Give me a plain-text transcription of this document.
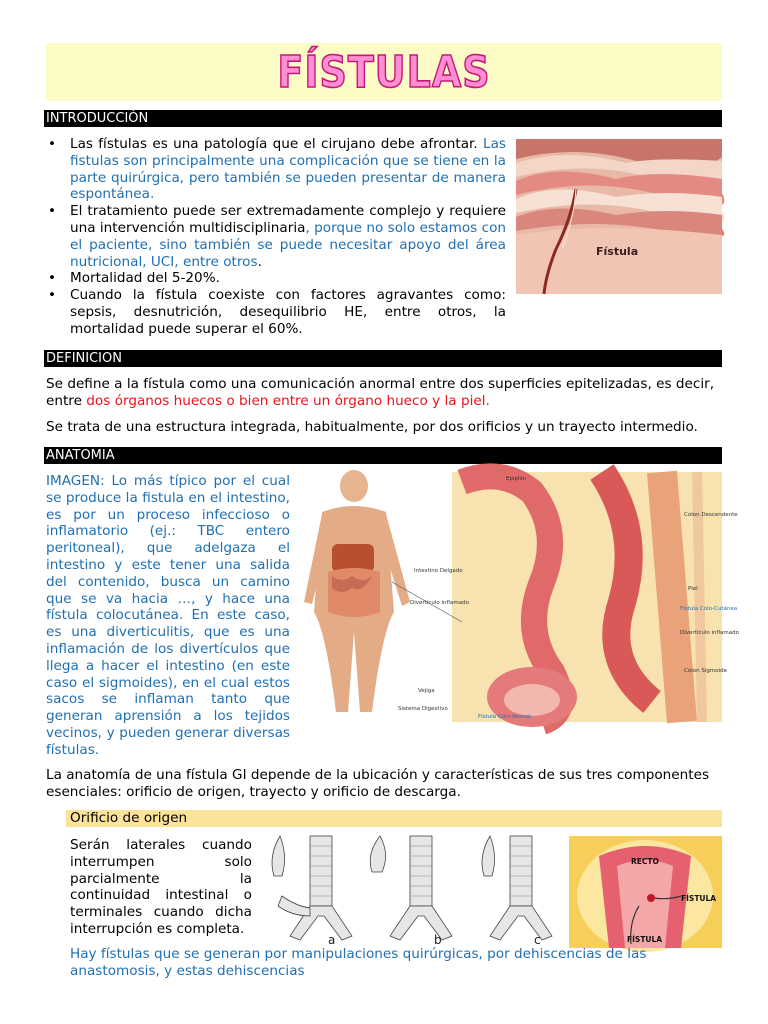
FÍSTULAS
INTRODUCCIÓN
• Las fístulas es una patología que el cirujano debe afrontar. Las fistulas son principalmente una complicación que se tiene en la parte quirúrgica, pero también se pueden presentar de manera espontánea.
• El tratamiento puede ser extremadamente complejo y requiere una intervención multidisciplinaria, porque no solo estamos con el paciente, sino también se puede necesitar apoyo del área nutricional, UCI, entre otros.
• Mortalidad del 5-20%.
• Cuando la fístula coexiste con factores agravantes como: sepsis, desnutrición, desequilibrio HE, entre otros, la mortalidad puede superar el 60%.
Fístula
DEFINICION
Se define a la fístula como una comunicación anormal entre dos superficies epitelizadas, es decir, entre dos órganos huecos o bien entre un órgano hueco y la piel.
Se trata de una estructura integrada, habitualmente, por dos orificios y un trayecto intermedio.
ANATOMIA
IMAGEN: Lo más típico por el cual se produce la fistula en el intestino, es por un proceso infeccioso o inflamatorio (ej.: TBC entero peritoneal), que adelgaza el intestino y este tener una salida del contenido, busca un camino que se va hacia …, y hace una fístula colocutánea. En este caso, es una diverticulitis, que es una inflamación de los divertículos que llega a hacer el intestino (en este caso el sigmoides), en el cual estos sacos se inflaman tanto que generan aprensión a los tejidos vecinos, y pueden generar diversas fístulas.
Epiplón
Colon Descendente
Intestino Delgado
Divertículo inflamado
Piel
Fístula Colo-Cutánea
Divertículo inflamado
Colon Sigmoide
Vejiga
Sistema Digestivo
Fístula Colo-Vesical
La anatomía de una fístula GI depende de la ubicación y características de sus tres componentes esenciales: orificio de origen, trayecto y orificio de descarga.
Orificio de origen
Serán laterales cuando interrumpen solo parcialmente la continuidad intestinal o terminales cuando dicha interrupción es completa.
a	b	c
RECTO
FÍSTULA
FÍSTULA
Hay fístulas que se generan por manipulaciones quirúrgicas, por dehiscencias de las anastomosis, y estas dehiscencias
